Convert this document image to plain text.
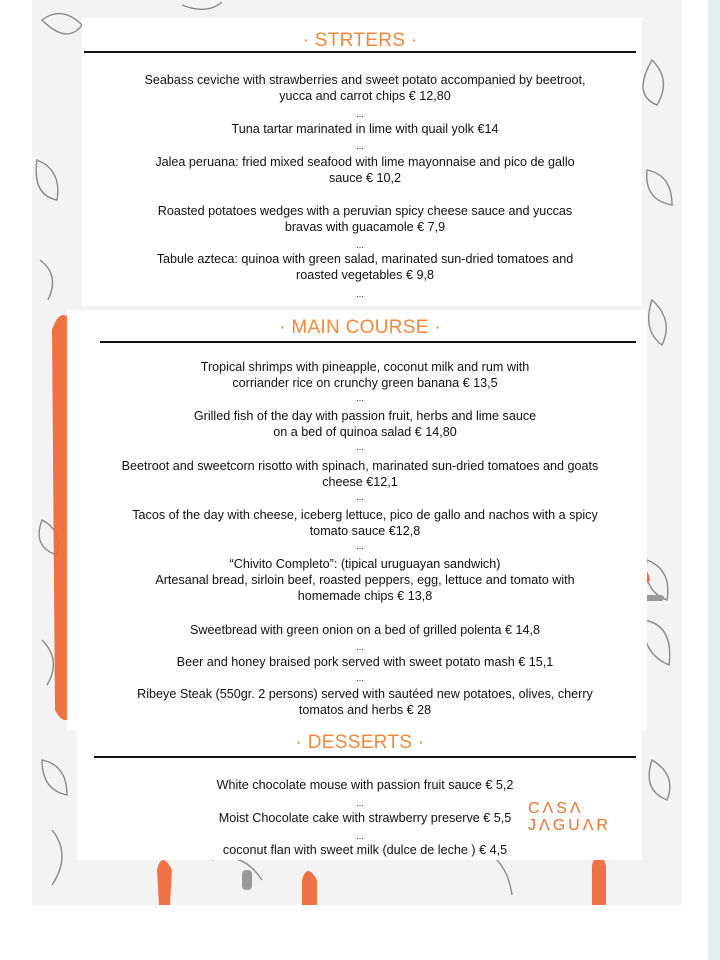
· STRTERS ·
Seabass ceviche with strawberries and sweet potato accompanied by beetroot,
yucca and carrot chips € 12,80
...
Tuna tartar marinated in lime with quail yolk €14
...
Jalea peruana: fried mixed seafood with lime mayonnaise and pico de gallo
sauce € 10,2
Roasted potatoes wedges with a peruvian spicy cheese sauce and yuccas
bravas with guacamole € 7,9
...
Tabule azteca: quinoa with green salad, marinated sun-dried tomatoes and
roasted vegetables € 9,8
...
· MAIN COURSE ·
Tropical shrimps with pineapple, coconut milk and rum with
corriander rice on crunchy green banana € 13,5
...
Grilled fish of the day with passion fruit, herbs and lime sauce
on a bed of quinoa salad € 14,80
...
Beetroot and sweetcorn risotto with spinach, marinated sun-dried tomatoes and goats
cheese €12,1
...
Tacos of the day with cheese, iceberg lettuce, pico de gallo and nachos with a spicy
tomato sauce €12,8
...
“Chivito Completo”: (tipical uruguayan sandwich)
Artesanal bread, sirloin beef, roasted peppers, egg, lettuce and tomato with
homemade chips € 13,8
Sweetbread with green onion on a bed of grilled polenta € 14,8
...
Beer and honey braised pork served with sweet potato mash € 15,1
...
Ribeye Steak (550gr. 2 persons) served with sautéed new potatoes, olives, cherry
tomatos and herbs € 28
· DESSERTS ·
White chocolate mouse with passion fruit sauce € 5,2
...
Moist Chocolate cake with strawberry preserve € 5,5
...
coconut flan with sweet milk (dulce de leche ) € 4,5
CΛSΛ
JΛGUΛR
